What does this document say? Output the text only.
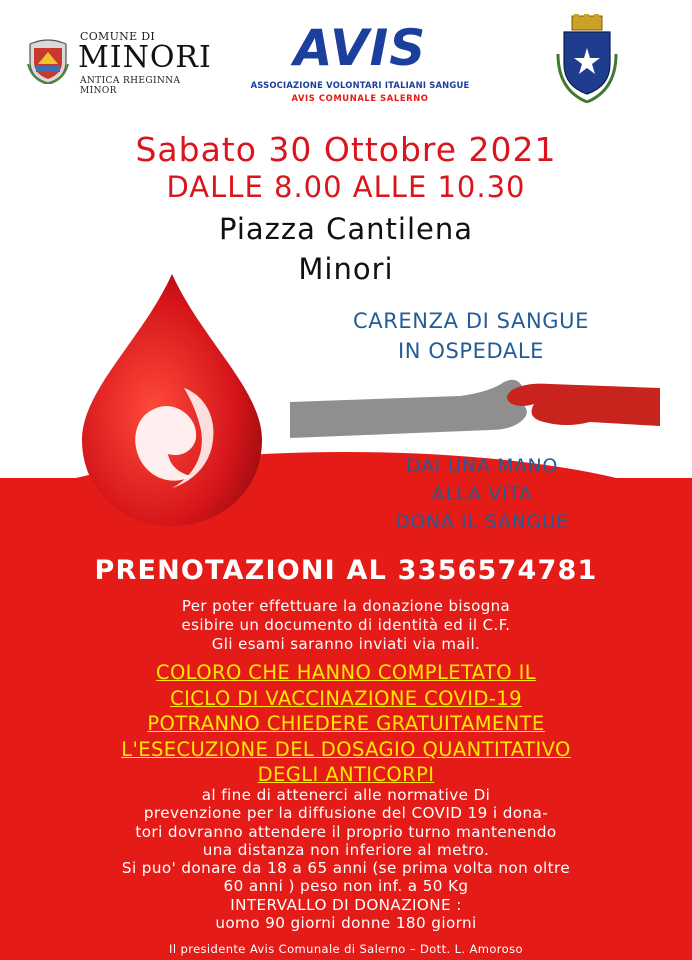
COMUNE DI
MINORI
ANTICA RHEGINNA MINOR
AVIS
ASSOCIAZIONE VOLONTARI ITALIANI SANGUE
AVIS COMUNALE SALERNO
Sabato 30 Ottobre 2021
DALLE 8.00 ALLE 10.30
Piazza Cantilena
Minori
CARENZA DI SANGUE
IN OSPEDALE
DAI UNA MANO
ALLA VITA
DONA IL SANGUE
PRENOTAZIONI AL 3356574781
Per poter effettuare la donazione bisogna
esibire un documento di identità ed il C.F.
Gli esami saranno inviati via mail.
COLORO CHE HANNO COMPLETATO IL
CICLO DI VACCINAZIONE COVID-19
POTRANNO CHIEDERE GRATUITAMENTE
L'ESECUZIONE DEL DOSAGIO QUANTITATIVO
DEGLI ANTICORPI
al fine di attenerci alle normative Di
prevenzione per la diffusione del COVID 19 i dona-
tori dovranno attendere il proprio turno mantenendo
una distanza non inferiore al metro.
Si puo' donare da 18 a 65 anni (se prima volta non oltre
60 anni ) peso non inf. a 50 Kg
INTERVALLO DI DONAZIONE :
uomo 90 giorni donne 180 giorni
Il presidente Avis Comunale di Salerno – Dott. L. Amoroso
